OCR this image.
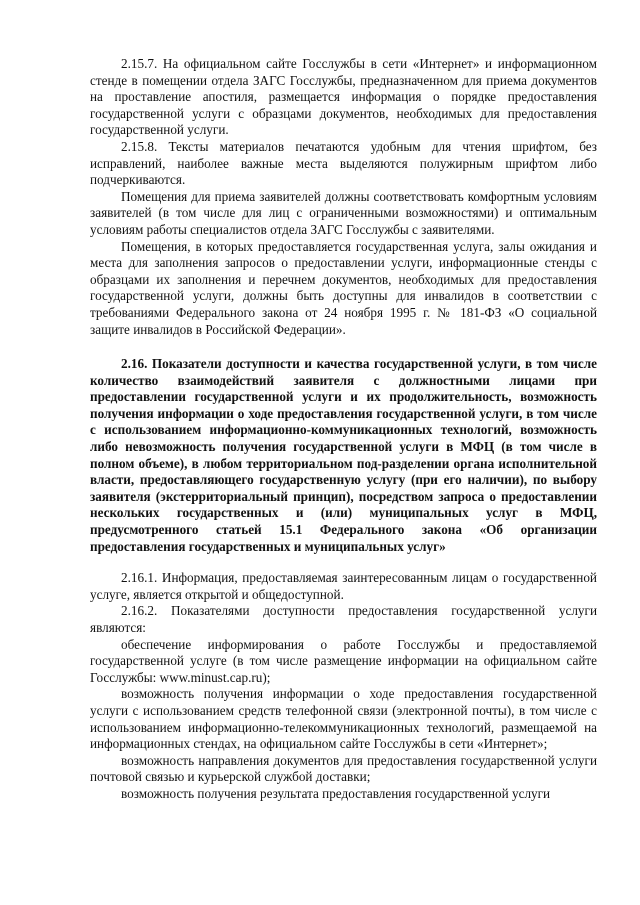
2.15.7. На официальном сайте Госслужбы в сети «Интернет» и информационном стенде в помещении отдела ЗАГС Госслужбы, предназначенном для приема документов на проставление апостиля, размещается информация о порядке предоставления государственной услуги с образцами документов, необходимых для предоставления государственной услуги.

2.15.8. Тексты материалов печатаются удобным для чтения шрифтом, без исправлений, наиболее важные места выделяются полужирным шрифтом либо подчеркиваются.

Помещения для приема заявителей должны соответствовать комфортным условиям заявителей (в том числе для лиц с ограниченными возможностями) и оптимальным условиям работы специалистов отдела ЗАГС Госслужбы с заявителями.

Помещения, в которых предоставляется государственная услуга, залы ожидания и места для заполнения запросов о предоставлении услуги, информационные стенды с образцами их заполнения и перечнем документов, необходимых для предоставления государственной услуги, должны быть доступны для инвалидов в соответствии с требованиями Федерального закона от 24 ноября 1995 г. № 181-ФЗ «О социальной защите инвалидов в Российской Федерации».

2.16. Показатели доступности и качества государственной услуги, в том числе количество взаимодействий заявителя с должностными лицами при предоставлении государственной услуги и их продолжительность, возможность получения информации о ходе предоставления государственной услуги, в том числе с использованием информационно-коммуникационных технологий, возможность либо невозможность получения государственной услуги в МФЦ (в том числе в полном объеме), в любом территориальном под-разделении органа исполнительной власти, предоставляющего государственную услугу (при его наличии), по выбору заявителя (экстерриториальный принцип), посредством запроса о предоставлении нескольких государственных и (или) муниципальных услуг в МФЦ, предусмотренного статьей 15.1 Федерального закона «Об организации предоставления государственных и муниципальных услуг»

2.16.1. Информация, предоставляемая заинтересованным лицам о государственной услуге, является открытой и общедоступной.

2.16.2. Показателями доступности предоставления государственной услуги являются:

обеспечение информирования о работе Госслужбы и предоставляемой государственной услуге (в том числе размещение информации на официальном сайте Госслужбы: www.minust.cap.ru);

возможность получения информации о ходе предоставления государственной услуги с использованием средств телефонной связи (электронной почты), в том числе с использованием информационно-телекоммуникационных технологий, размещаемой на информационных стендах, на официальном сайте Госслужбы в сети «Интернет»;

возможность направления документов для предоставления государственной услуги почтовой связью и курьерской службой доставки;

возможность получения результата предоставления государственной услуги
